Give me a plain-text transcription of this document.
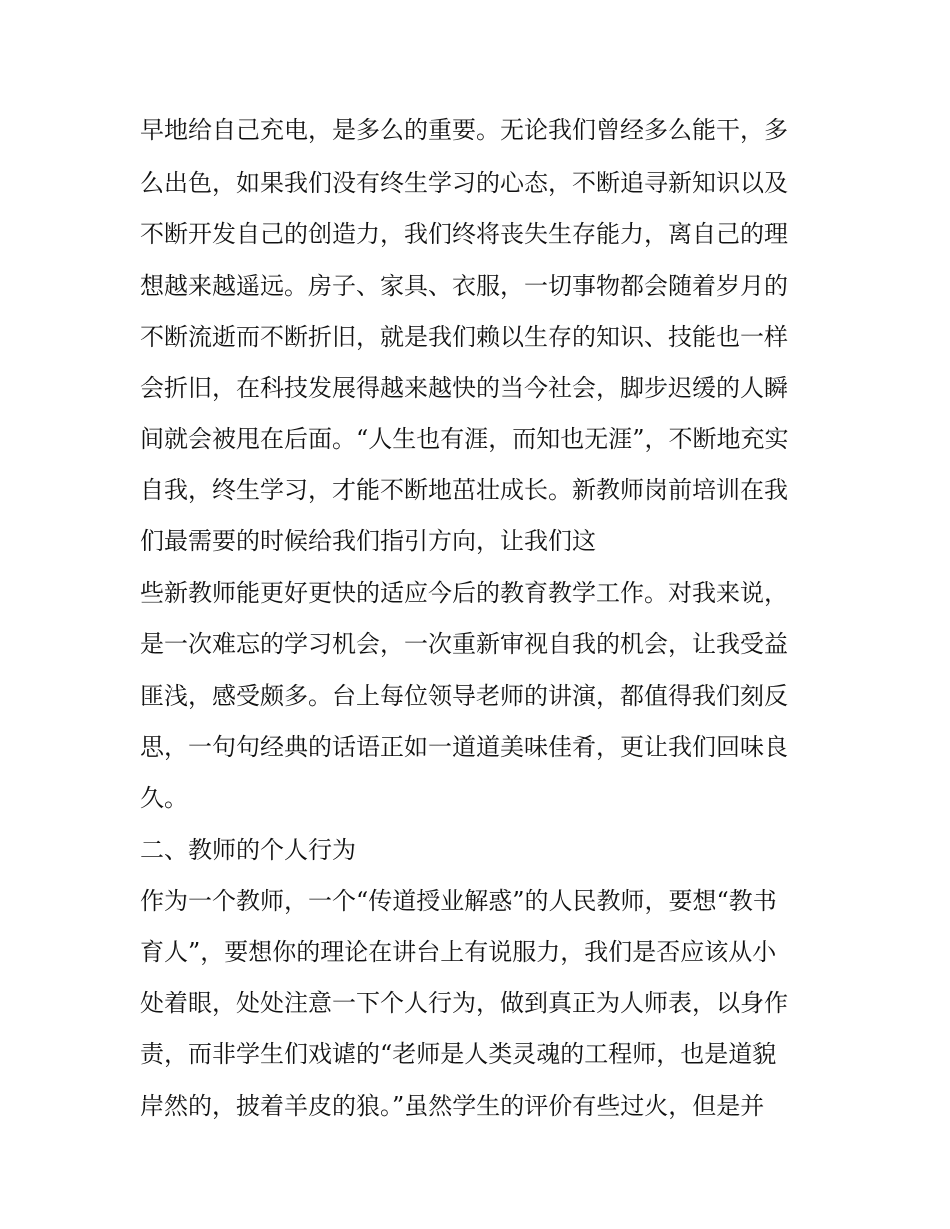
早地给自己充电，是多么的重要。无论我们曾经多么能干，多
么出色，如果我们没有终生学习的心态，不断追寻新知识以及
不断开发自己的创造力，我们终将丧失生存能力，离自己的理
想越来越遥远。房子、家具、衣服，一切事物都会随着岁月的
不断流逝而不断折旧，就是我们赖以生存的知识、技能也一样
会折旧，在科技发展得越来越快的当今社会，脚步迟缓的人瞬
间就会被甩在后面。“人生也有涯，而知也无涯”，不断地充实
自我，终生学习，才能不断地茁壮成长。新教师岗前培训在我
们最需要的时候给我们指引方向，让我们这
些新教师能更好更快的适应今后的教育教学工作。对我来说，
是一次难忘的学习机会，一次重新审视自我的机会，让我受益
匪浅，感受颇多。台上每位领导老师的讲演，都值得我们刻反
思，一句句经典的话语正如一道道美味佳肴，更让我们回味良
久。
二、教师的个人行为
作为一个教师，一个“传道授业解惑”的人民教师，要想“教书
育人”，要想你的理论在讲台上有说服力，我们是否应该从小
处着眼，处处注意一下个人行为，做到真正为人师表，以身作
责，而非学生们戏谑的“老师是人类灵魂的工程师，也是道貌
岸然的，披着羊皮的狼。”虽然学生的评价有些过火，但是并
